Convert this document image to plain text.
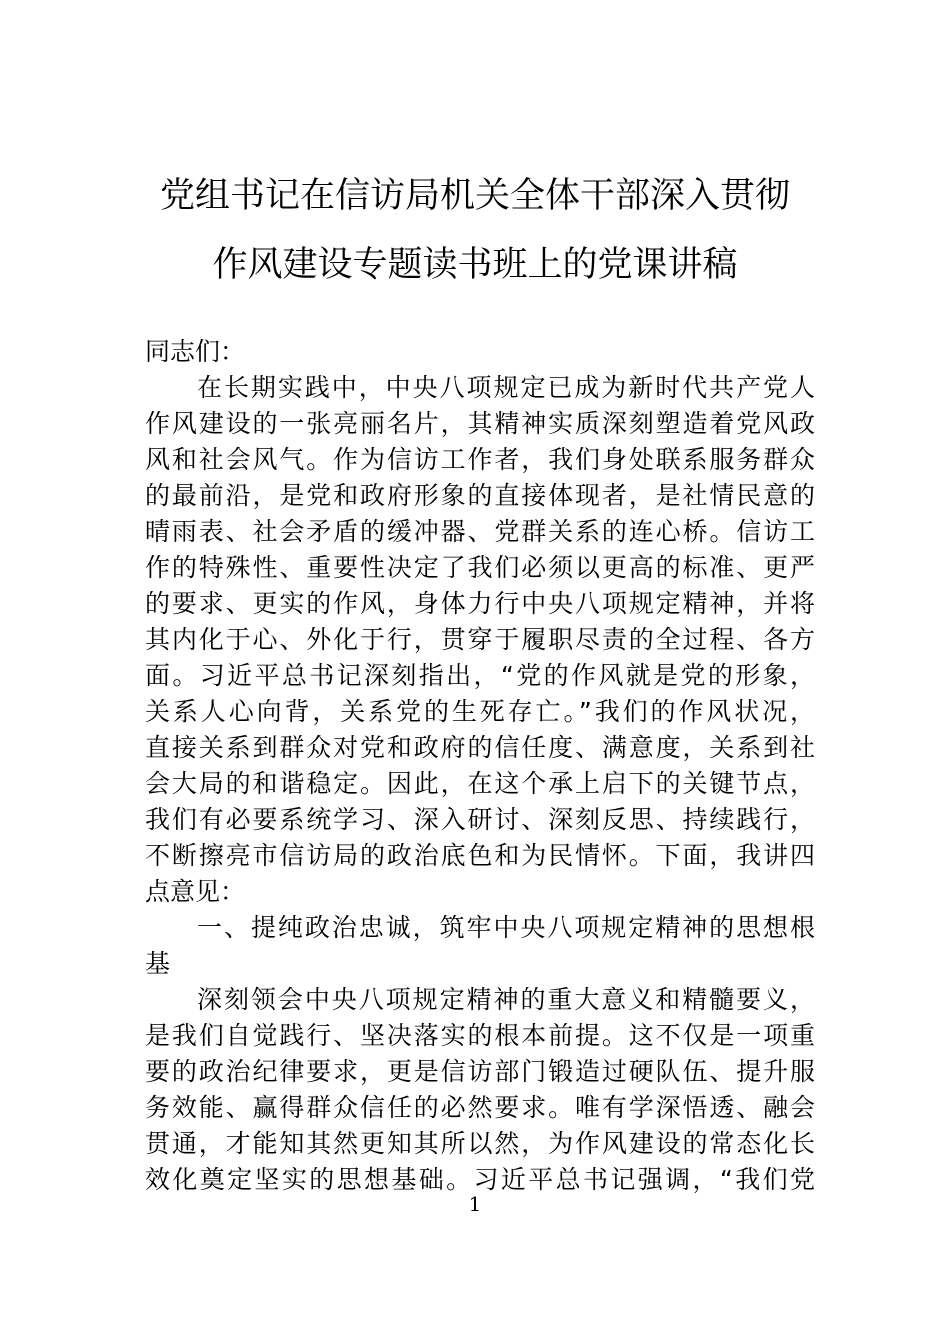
党组书记在信访局机关全体干部深入贯彻
作风建设专题读书班上的党课讲稿
同志们：
在长期实践中，中央八项规定已成为新时代共产党人
作风建设的一张亮丽名片，其精神实质深刻塑造着党风政
风和社会风气。作为信访工作者，我们身处联系服务群众
的最前沿，是党和政府形象的直接体现者，是社情民意的
晴雨表、社会矛盾的缓冲器、党群关系的连心桥。信访工
作的特殊性、重要性决定了我们必须以更高的标准、更严
的要求、更实的作风，身体力行中央八项规定精神，并将
其内化于心、外化于行，贯穿于履职尽责的全过程、各方
面。习近平总书记深刻指出，“党的作风就是党的形象，
关系人心向背，关系党的生死存亡。”我们的作风状况，
直接关系到群众对党和政府的信任度、满意度，关系到社
会大局的和谐稳定。因此，在这个承上启下的关键节点，
我们有必要系统学习、深入研讨、深刻反思、持续践行，
不断擦亮市信访局的政治底色和为民情怀。下面，我讲四
点意见：
一、提纯政治忠诚，筑牢中央八项规定精神的思想根
基
深刻领会中央八项规定精神的重大意义和精髓要义，
是我们自觉践行、坚决落实的根本前提。这不仅是一项重
要的政治纪律要求，更是信访部门锻造过硬队伍、提升服
务效能、赢得群众信任的必然要求。唯有学深悟透、融会
贯通，才能知其然更知其所以然，为作风建设的常态化长
效化奠定坚实的思想基础。习近平总书记强调，“我们党
1
